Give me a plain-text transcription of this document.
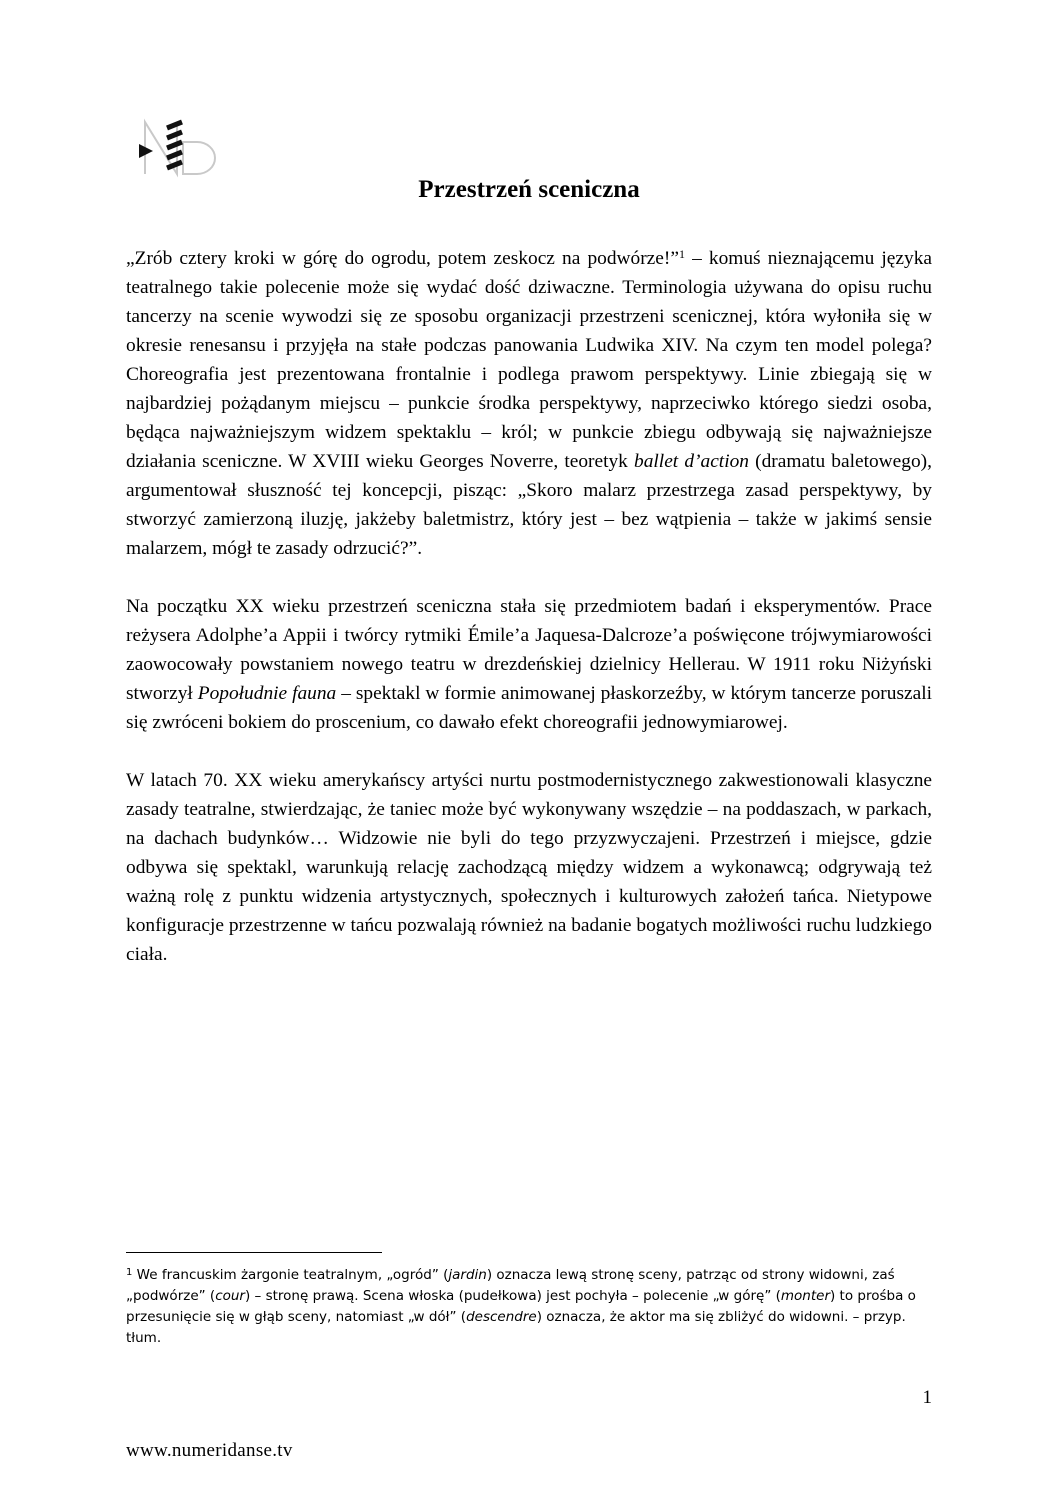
Przestrzeń sceniczna

„Zrób cztery kroki w górę do ogrodu, potem zeskocz na podwórze!”$^1$ – komuś nieznającemu języka teatralnego takie polecenie może się wydać dość dziwaczne. Terminologia używana do opisu ruchu tancerzy na scenie wywodzi się ze sposobu organizacji przestrzeni scenicznej, która wyłoniła się w okresie renesansu i przyjęła na stałe podczas panowania Ludwika XIV. Na czym ten model polega? Choreografia jest prezentowana frontalnie i podlega prawom perspektywy. Linie zbiegają się w najbardziej pożądanym miejscu – punkcie środka perspektywy, naprzeciwko którego siedzi osoba, będąca najważniejszym widzem spektaklu – król; w punkcie zbiegu odbywają się najważniejsze działania sceniczne. W XVIII wieku Georges Noverre, teoretyk ballet d’action (dramatu baletowego), argumentował słuszność tej koncepcji, pisząc: „Skoro malarz przestrzega zasad perspektywy, by stworzyć zamierzoną iluzję, jakżeby baletmistrz, który jest – bez wątpienia – także w jakimś sensie malarzem, mógł te zasady odrzucić?”.

Na początku XX wieku przestrzeń sceniczna stała się przedmiotem badań i eksperymentów. Prace reżysera Adolphe’a Appii i twórcy rytmiki Émile’a Jaquesa-Dalcroze’a poświęcone trójwymiarowości zaowocowały powstaniem nowego teatru w drezdeńskiej dzielnicy Hellerau. W 1911 roku Niżyński stworzył Popołudnie fauna – spektakl w formie animowanej płaskorzeźby, w którym tancerze poruszali się zwróceni bokiem do proscenium, co dawało efekt choreografii jednowymiarowej.

W latach 70. XX wieku amerykańscy artyści nurtu postmodernistycznego zakwestionowali klasyczne zasady teatralne, stwierdzając, że taniec może być wykonywany wszędzie – na poddaszach, w parkach, na dachach budynków… Widzowie nie byli do tego przyzwyczajeni. Przestrzeń i miejsce, gdzie odbywa się spektakl, warunkują relację zachodzącą między widzem a wykonawcą; odgrywają też ważną rolę z punktu widzenia artystycznych, społecznych i kulturowych założeń tańca. Nietypowe konfiguracje przestrzenne w tańcu pozwalają również na badanie bogatych możliwości ruchu ludzkiego ciała.

$^1$ We francuskim żargonie teatralnym, „ogród” (jardin) oznacza lewą stronę sceny, patrząc od strony widowni, zaś „podwórze” (cour) – stronę prawą. Scena włoska (pudełkowa) jest pochyła – polecenie „w górę” (monter) to prośba o przesunięcie się w głąb sceny, natomiast „w dół” (descendre) oznacza, że aktor ma się zbliżyć do widowni. – przyp. tłum.
1
www.numeridanse.tv
